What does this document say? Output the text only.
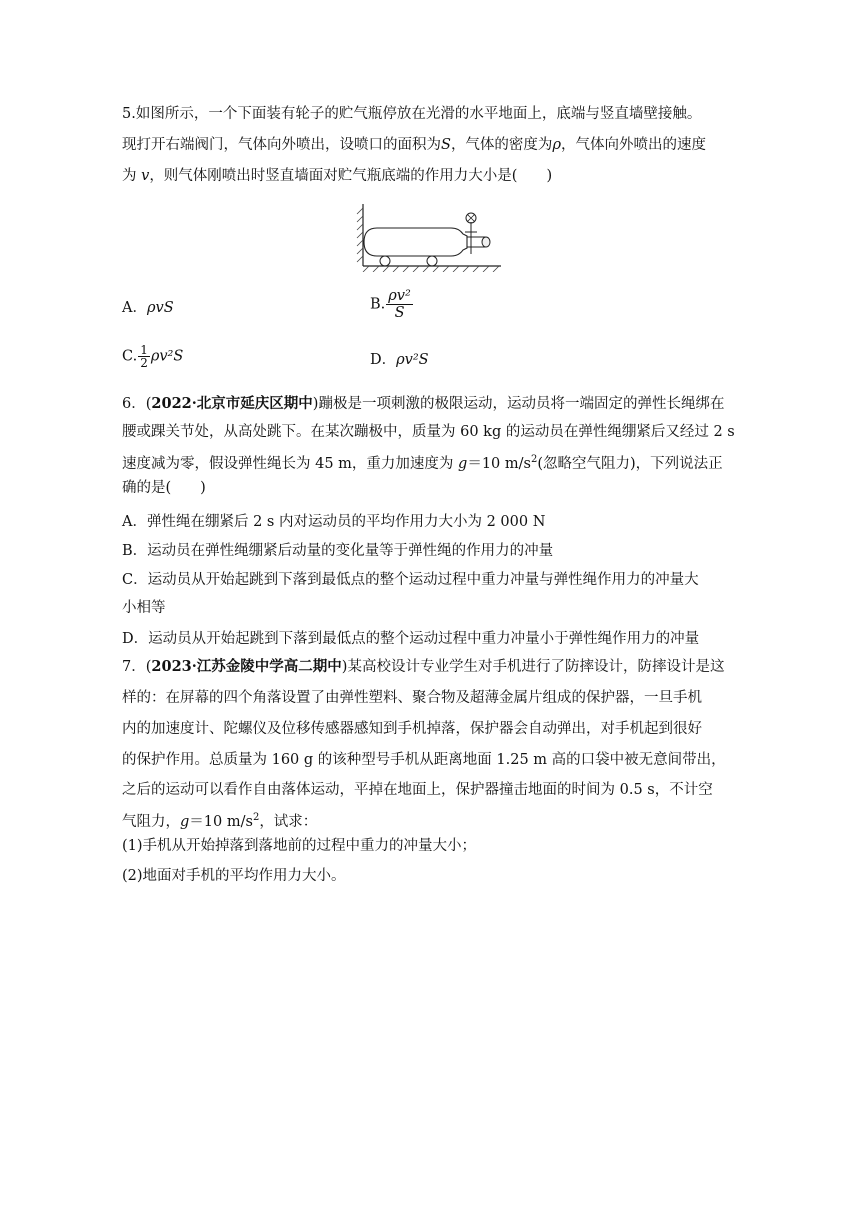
5.如图所示，一个下面装有轮子的贮气瓶停放在光滑的水平地面上，底端与竖直墙壁接触。
现打开右端阀门，气体向外喷出，设喷口的面积为S，气体的密度为ρ，气体向外喷出的速度
为 v，则气体刚喷出时竖直墙面对贮气瓶底端的作用力大小是(　　)
A．ρvS	B. $\frac{\text{ρv²}}{S}$
C. $\frac{1}{2} \rho v^2S$	D．ρv²S
6．(2022·北京市延庆区期中)蹦极是一项刺激的极限运动，运动员将一端固定的弹性长绳绑在
腰或踝关节处，从高处跳下。在某次蹦极中，质量为 60 kg 的运动员在弹性绳绷紧后又经过 2 s
速度减为零，假设弹性绳长为 45 m，重力加速度为 g＝10 $m/s^2$(忽略空气阻力)，下列说法正
确的是(　　)
A．弹性绳在绷紧后 2 s 内对运动员的平均作用力大小为 2 000 N
B．运动员在弹性绳绷紧后动量的变化量等于弹性绳的作用力的冲量
C．运动员从开始起跳到下落到最低点的整个运动过程中重力冲量与弹性绳作用力的冲量大
小相等
D．运动员从开始起跳到下落到最低点的整个运动过程中重力冲量小于弹性绳作用力的冲量
7．(2023·江苏金陵中学高二期中)某高校设计专业学生对手机进行了防摔设计，防摔设计是这
样的：在屏幕的四个角落设置了由弹性塑料、聚合物及超薄金属片组成的保护器，一旦手机
内的加速度计、陀螺仪及位移传感器感知到手机掉落，保护器会自动弹出，对手机起到很好
的保护作用。总质量为 160 g 的该种型号手机从距离地面 1.25 m 高的口袋中被无意间带出，
之后的运动可以看作自由落体运动，平掉在地面上，保护器撞击地面的时间为 0.5 s，不计空
气阻力，g＝10 $m/s^2$，试求：
(1)手机从开始掉落到落地前的过程中重力的冲量大小；
(2)地面对手机的平均作用力大小。
